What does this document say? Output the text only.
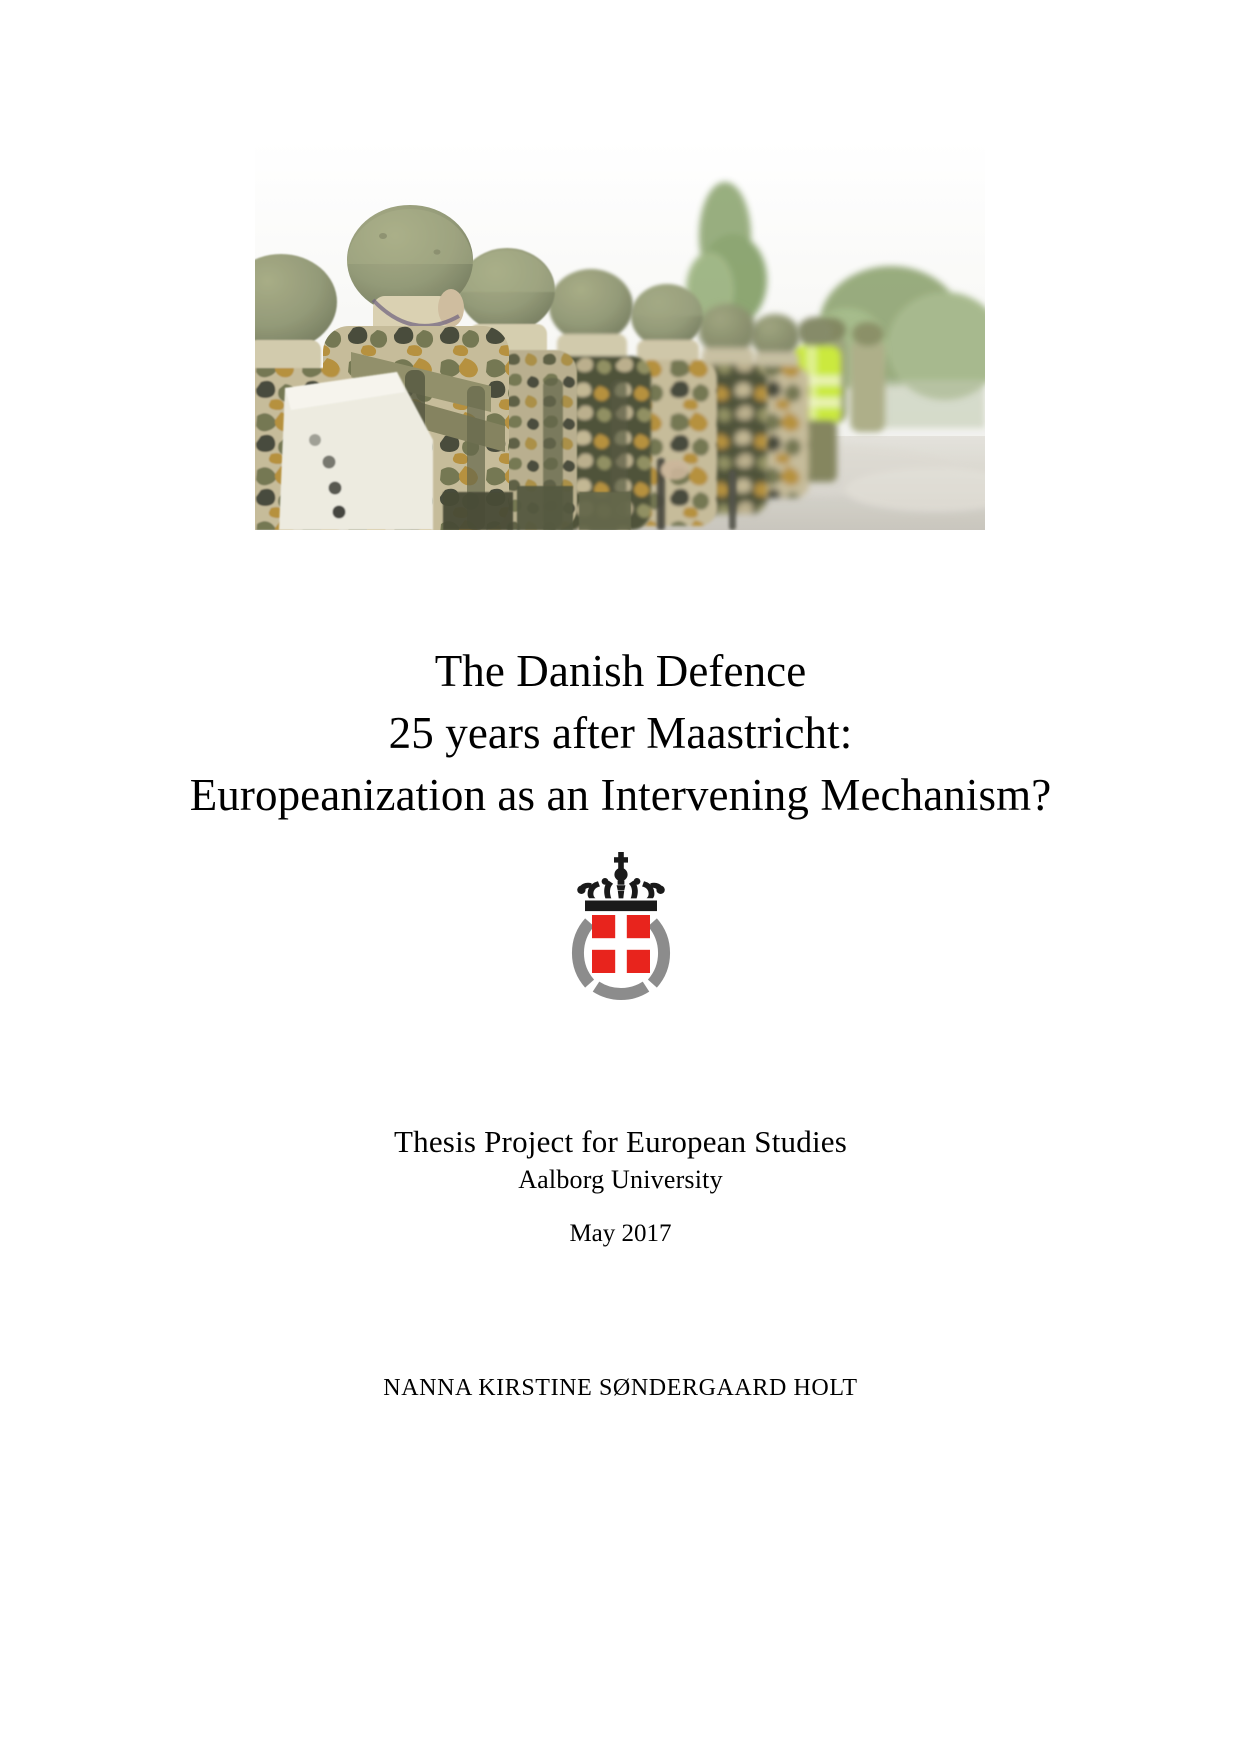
The Danish Defence
25 years after Maastricht:
Europeanization as an Intervening Mechanism?
Thesis Project for European Studies
Aalborg University
May 2017
NANNA KIRSTINE SØNDERGAARD HOLT
